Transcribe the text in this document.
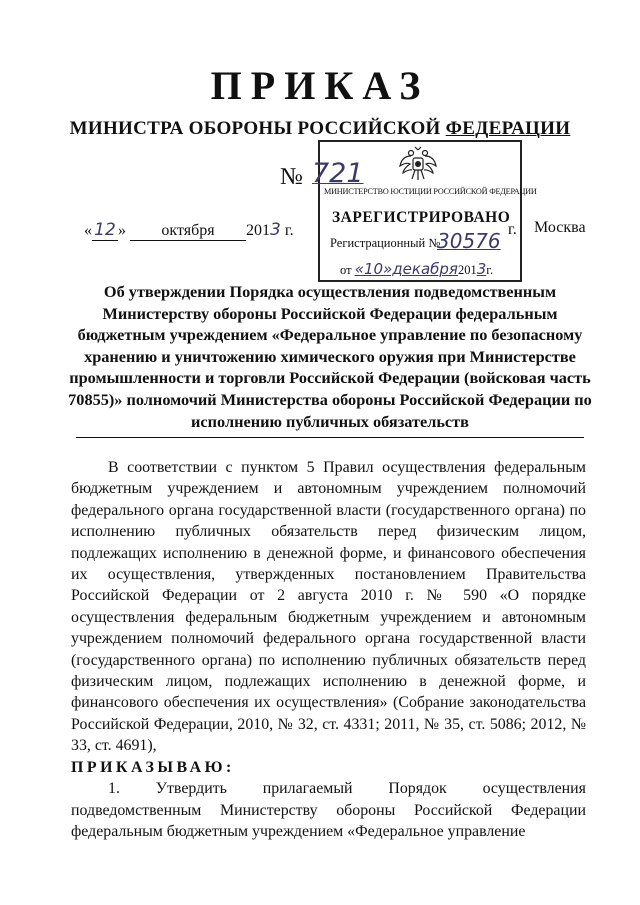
ПРИКАЗ
МИНИСТРА ОБОРОНЫ РОССИЙСКОЙ ФЕДЕРАЦИИ
МИНИСТЕРСТВО ЮСТИЦИИ РОССИЙСКОЙ ФЕДЕРАЦИИ
ЗАРЕГИСТРИРОВАНО
Регистрационный №
30576
от «10»декабря2013г.
№ 721
« 12 » октября 2013 г.	г. Москва
Об утверждении Порядка осуществления подведомственным Министерству обороны Российской Федерации федеральным бюджетным учреждением «Федеральное управление по безопасному хранению и уничтожению химического оружия при Министерстве промышленности и торговли Российской Федерации (войсковая часть 70855)» полномочий Министерства обороны Российской Федерации по исполнению публичных обязательств

В соответствии с пунктом 5 Правил осуществления федеральным бюджетным учреждением и автономным учреждением полномочий федерального органа государственной власти (государственного органа) по исполнению публичных обязательств перед физическим лицом, подлежащих исполнению в денежной форме, и финансового обеспечения их осуществления, утвержденных постановлением Правительства Российской Федерации от 2 августа 2010 г. № 590 «О порядке осуществления федеральным бюджетным учреждением и автономным учреждением полномочий федерального органа государственной власти (государственного органа) по исполнению публичных обязательств перед физическим лицом, подлежащих исполнению в денежной форме, и финансового обеспечения их осуществления» (Собрание законодательства Российской Федерации, 2010, № 32, ст. 4331; 2011, № 35, ст. 5086; 2012, № 33, ст. 4691),

ПРИКАЗЫВАЮ:

1. Утвердить прилагаемый Порядок осуществления подведомственным Министерству обороны Российской Федерации федеральным бюджетным учреждением «Федеральное управление
